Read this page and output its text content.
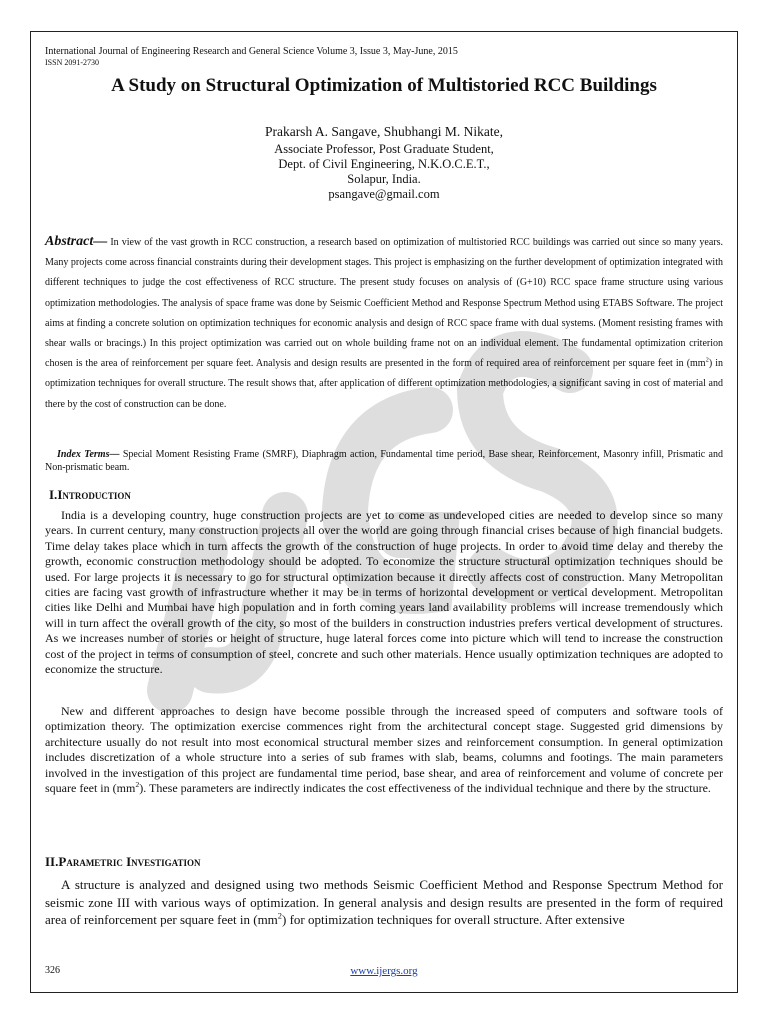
International Journal of Engineering Research and General Science Volume 3, Issue 3, May-June, 2015
ISSN 2091-2730
A Study on Structural Optimization of Multistoried RCC Buildings
Prakarsh A. Sangave, Shubhangi M. Nikate,
Associate Professor, Post Graduate Student,
Dept. of Civil Engineering, N.K.O.C.E.T.,
Solapur, India.
psangave@gmail.com
Abstract— In view of the vast growth in RCC construction, a research based on optimization of multistoried RCC buildings was carried out since so many years. Many projects come across financial constraints during their development stages. This project is emphasizing on the further development of optimization integrated with different techniques to judge the cost effectiveness of RCC structure. The present study focuses on analysis of (G+10) RCC space frame structure using various optimization methodologies. The analysis of space frame was done by Seismic Coefficient Method and Response Spectrum Method using ETABS Software. The project aims at finding a concrete solution on optimization techniques for economic analysis and design of RCC space frame with dual systems. (Moment resisting frames with shear walls or bracings.) In this project optimization was carried out on whole building frame not on an individual element. The fundamental optimization criterion chosen is the area of reinforcement per square feet. Analysis and design results are presented in the form of required area of reinforcement per square feet in $(mm^2)$ in optimization techniques for overall structure. The result shows that, after application of different optimization methodologies, a significant saving in cost of material and there by the cost of construction can be done.
Index Terms— Special Moment Resisting Frame (SMRF), Diaphragm action, Fundamental time period, Base shear, Reinforcement, Masonry infill, Prismatic and Non-prismatic beam.
I.Introduction
India is a developing country, huge construction projects are yet to come as undeveloped cities are needed to develop since so many years. In current century, many construction projects all over the world are going through financial crises because of high financial budgets. Time delay takes place which in turn affects the growth of the construction of huge projects. In order to avoid time delay and thereby the growth, economic construction methodology should be adopted. To economize the structure structural optimization techniques should be used. For large projects it is necessary to go for structural optimization because it directly affects cost of construction. Many Metropolitan cities are facing vast growth of infrastructure whether it may be in terms of horizontal development or vertical development. Metropolitan cities like Delhi and Mumbai have high population and in forth coming years land availability problems will increase tremendously which will in turn affect the overall growth of the city, so most of the builders in construction industries prefers vertical development of structures. As we increases number of stories or height of structure, huge lateral forces come into picture which will tend to increase the construction cost of the project in terms of consumption of steel, concrete and such other materials. Hence usually optimization techniques are adopted to economize the structure.
New and different approaches to design have become possible through the increased speed of computers and software tools of optimization theory. The optimization exercise commences right from the architectural concept stage. Suggested grid dimensions by architecture usually do not result into most economical structural member sizes and reinforcement consumption. In general optimization includes discretization of a whole structure into a series of sub frames with slab, beams, columns and footings. The main parameters involved in the investigation of this project are fundamental time period, base shear, and area of reinforcement and volume of concrete per square feet in $(mm^2)$. These parameters are indirectly indicates the cost effectiveness of the individual technique and there by the structure.
II.Parametric Investigation
A structure is analyzed and designed using two methods Seismic Coefficient Method and Response Spectrum Method for seismic zone III with various ways of optimization. In general analysis and design results are presented in the form of required area of reinforcement per square feet in $(mm^2)$ for optimization techniques for overall structure. After extensive
326	www.ijergs.org
